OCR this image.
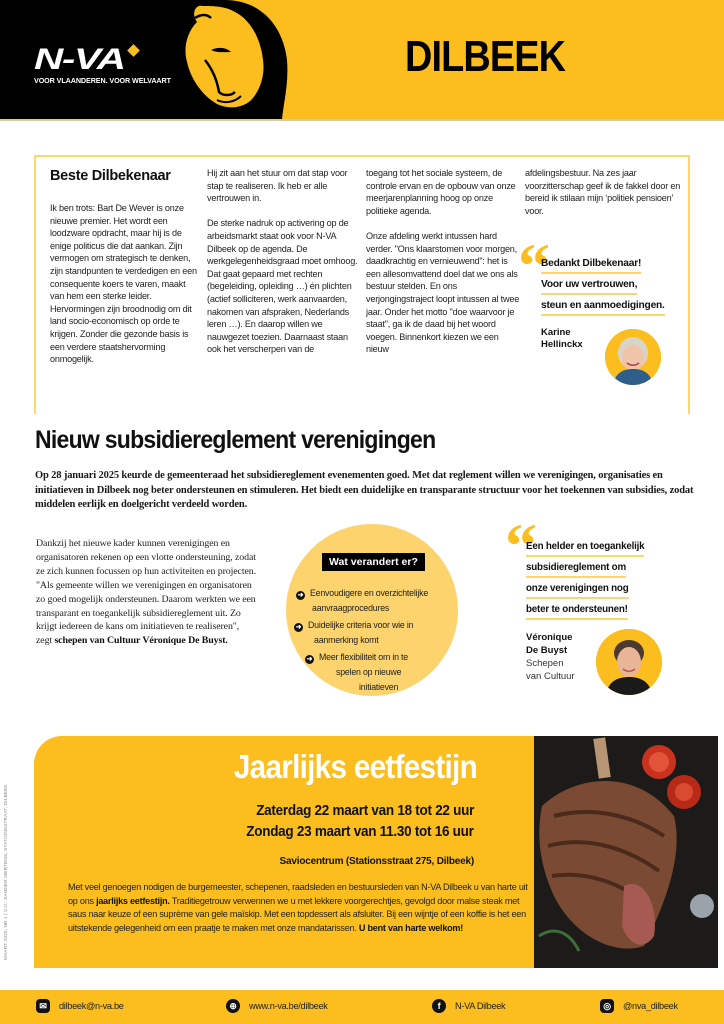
N-VA
VOOR VLAANDEREN. VOOR WELVAART	DILBEEK
Beste Dilbekenaar

Ik ben trots: Bart De Wever is onze nieuwe premier. Het wordt een loodzware opdracht, maar hij is de enige politicus die dat aankan. Zijn vermogen om strategisch te denken, zijn standpunten te verdedigen en een consequente koers te varen, maakt van hem een sterke leider. Hervormingen zijn broodnodig om dit land socio-economisch op orde te krijgen. Zonder die gezonde basis is een verdere staatshervorming onmogelijk.

Hij zit aan het stuur om dat stap voor stap te realiseren. Ik heb er alle vertrouwen in.

De sterke nadruk op activering op de arbeidsmarkt staat ook voor N-VA Dilbeek op de agenda. De werkgelegenheidsgraad moet omhoog. Dat gaat gepaard met rechten (begeleiding, opleiding …) én plichten (actief solliciteren, werk aanvaarden, nakomen van afspraken, Nederlands leren …). En daarop willen we nauwgezet toezien. Daarnaast staan ook het verscherpen van de

toegang tot het sociale systeem, de controle ervan en de opbouw van onze meerjarenplanning hoog op onze politieke agenda.

Onze afdeling werkt intussen hard verder. "Ons klaarstomen voor morgen, daadkrachtig en vernieuwend": het is een allesomvattend doel dat we ons als bestuur stelden. En ons verjongingstraject loopt intussen al twee jaar. Onder het motto "doe waarvoor je staat", ga ik de daad bij het woord voegen. Binnenkort kiezen we een nieuw

afdelingsbestuur. Na zes jaar voorzitterschap geef ik de fakkel door en bereid ik stilaan mijn ‘politiek pensioen’ voor.

“
Bedankt Dilbekenaar!
Voor uw vertrouwen,
steun en aanmoedigingen.
Karine
Hellinckx
Nieuw subsidiereglement verenigingen
Op 28 januari 2025 keurde de gemeenteraad het subsidiereglement evenementen goed. Met dat reglement willen we verenigingen, organisaties en initiatieven in Dilbeek nog beter ondersteunen en stimuleren. Het biedt een duidelijke en transparante structuur voor het toekennen van subsidies, zodat middelen eerlijk en doelgericht verdeeld worden.
Dankzij het nieuwe kader kunnen verenigingen en organisatoren rekenen op een vlotte ondersteuning, zodat ze zich kunnen focussen op hun activiteiten en projecten. "Als gemeente willen we verenigingen en organisatoren zo goed mogelijk ondersteunen. Daarom werkten we een transparant en toegankelijk subsidiereglement uit. Zo krijgt iedereen de kans om initiatieven te realiseren", zegt schepen van Cultuur Véronique De Buyst.
Wat verandert er?
➜ Eenvoudigere en overzichtelijke
aanvraagprocedures
➜ Duidelijke criteria voor wie in
aanmerking komt
➜ Meer flexibiliteit om in te
spelen op nieuwe
initiatieven
“
Een helder en toegankelijk
subsidiereglement om
onze verenigingen nog
beter te ondersteunen!
Véronique
De Buyst
Schepen
van Cultuur
Jaarlijks eetfestijn
Zaterdag 22 maart van 18 tot 22 uur
Zondag 23 maart van 11.30 tot 16 uur
Saviocentrum (Stationsstraat 275, Dilbeek)
Met veel genoegen nodigen de burgemeester, schepenen, raadsleden en bestuursleden van N-VA Dilbeek u van harte uit op ons jaarlijks eetfestijn. Traditiegetrouw verwennen we u met lekkere voorgerechtjes, gevolgd door malse steak met saus naar keuze of een suprème van gele maïskip. Met een topdessert als afsluiter. Bij een wijntje of een koffie is het een uitstekende gelegenheid om een praatje te maken met onze mandatarissen. U bent van harte welkom!
MAART 2025, NR 1 | V.U.: SANDER MERTENS, STATIONSSTRAAT, DILBEEK
✉	dilbeek@n-va.be	⊕	www.n-va.be/dilbeek	f	N-VA Dilbeek	◎	@nva_dilbeek
